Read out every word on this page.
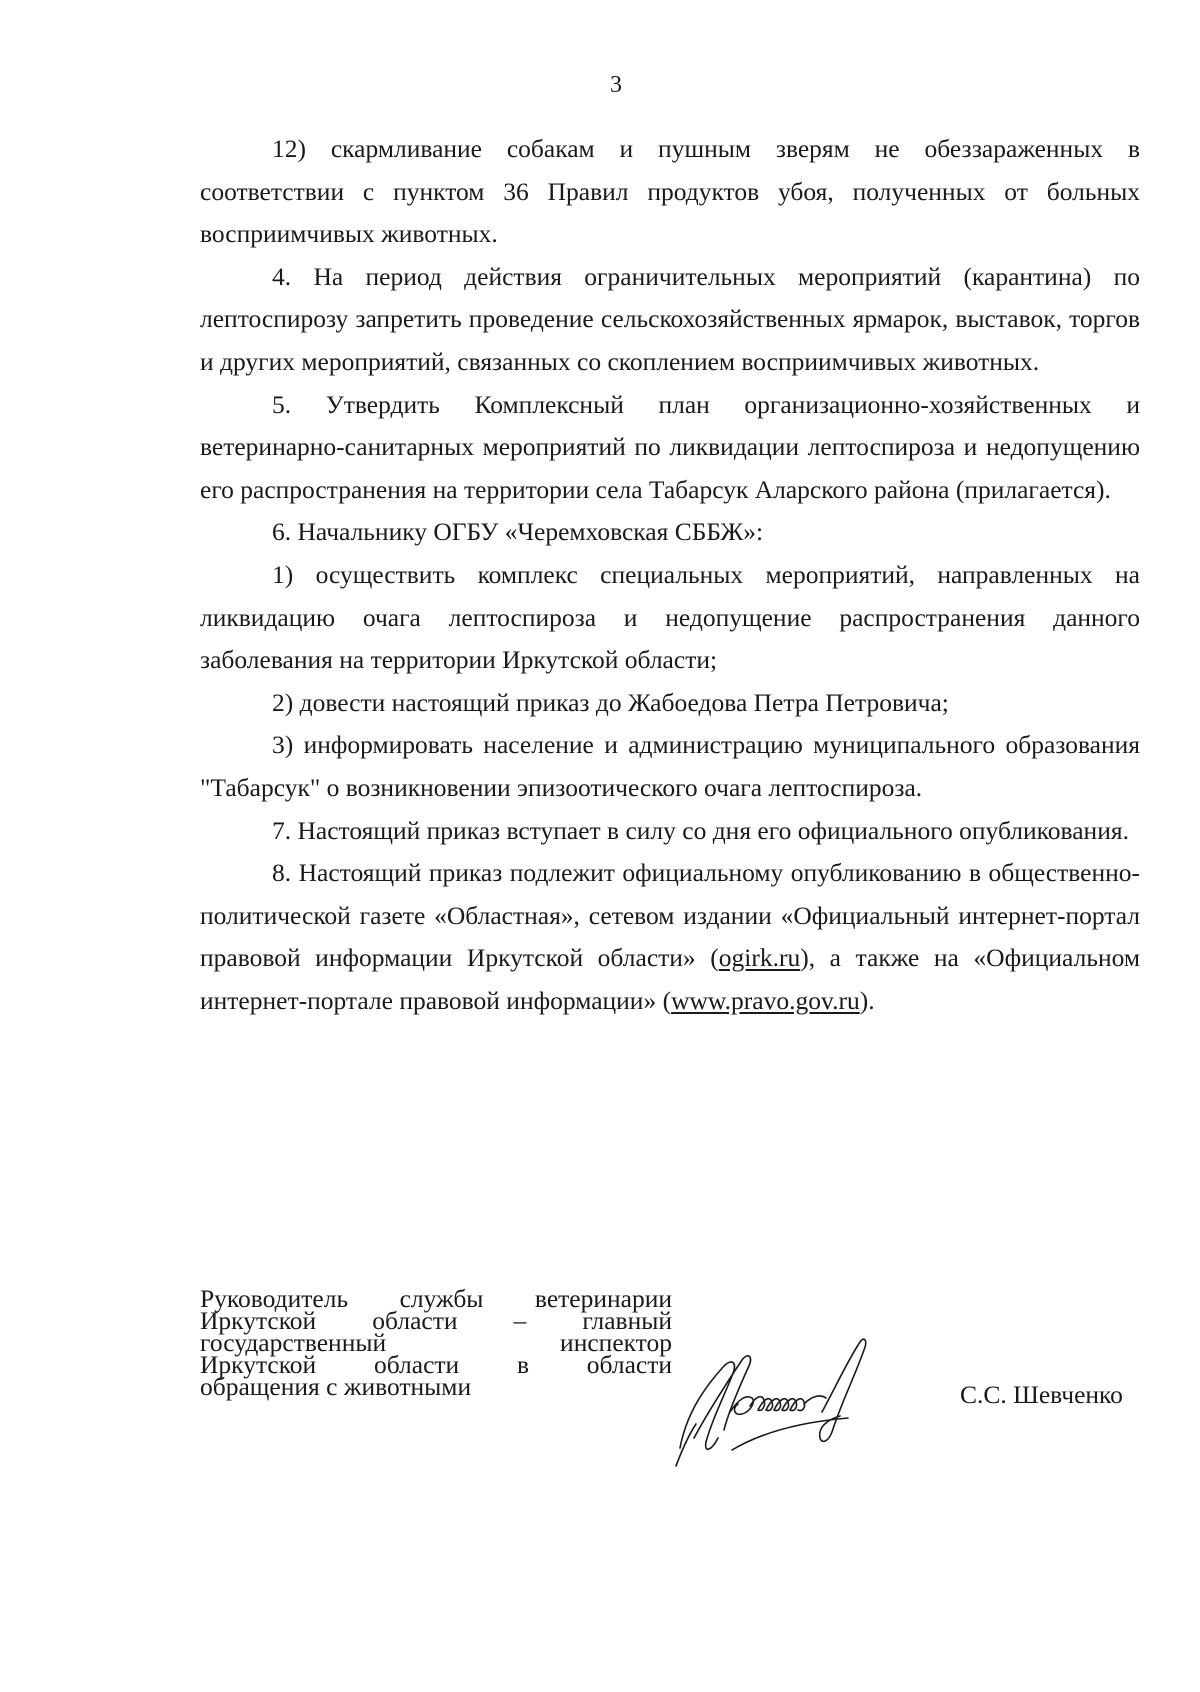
3

12) скармливание собакам и пушным зверям не обеззараженных в соответствии с пунктом 36 Правил продуктов убоя, полученных от больных восприимчивых животных.

4. На период действия ограничительных мероприятий (карантина) по лептоспирозу запретить проведение сельскохозяйственных ярмарок, выставок, торгов и других мероприятий, связанных со скоплением восприимчивых животных.

5. Утвердить Комплексный план организационно-хозяйственных и ветеринарно-санитарных мероприятий по ликвидации лептоспироза и недопущению его распространения на территории села Табарсук Аларского района (прилагается).

6. Начальнику ОГБУ «Черемховская СББЖ»:

1) осуществить комплекс специальных мероприятий, направленных на ликвидацию очага лептоспироза и недопущение распространения данного заболевания на территории Иркутской области;

2) довести настоящий приказ до Жабоедова Петра Петровича;

3) информировать население и администрацию муниципального образования "Табарсук" о возникновении эпизоотического очага лептоспироза.

7. Настоящий приказ вступает в силу со дня его официального опубликования.

8. Настоящий приказ подлежит официальному опубликованию в общественно-политической газете «Областная», сетевом издании «Официальный интернет-портал правовой информации Иркутской области» (ogirk.ru), а также на «Официальном интернет-портале правовой информации» (www.pravo.gov.ru).

Руководитель службы ветеринарии
Иркутской области – главный
государственный инспектор
Иркутской области в области
обращения с животными	С.С. Шевченко
